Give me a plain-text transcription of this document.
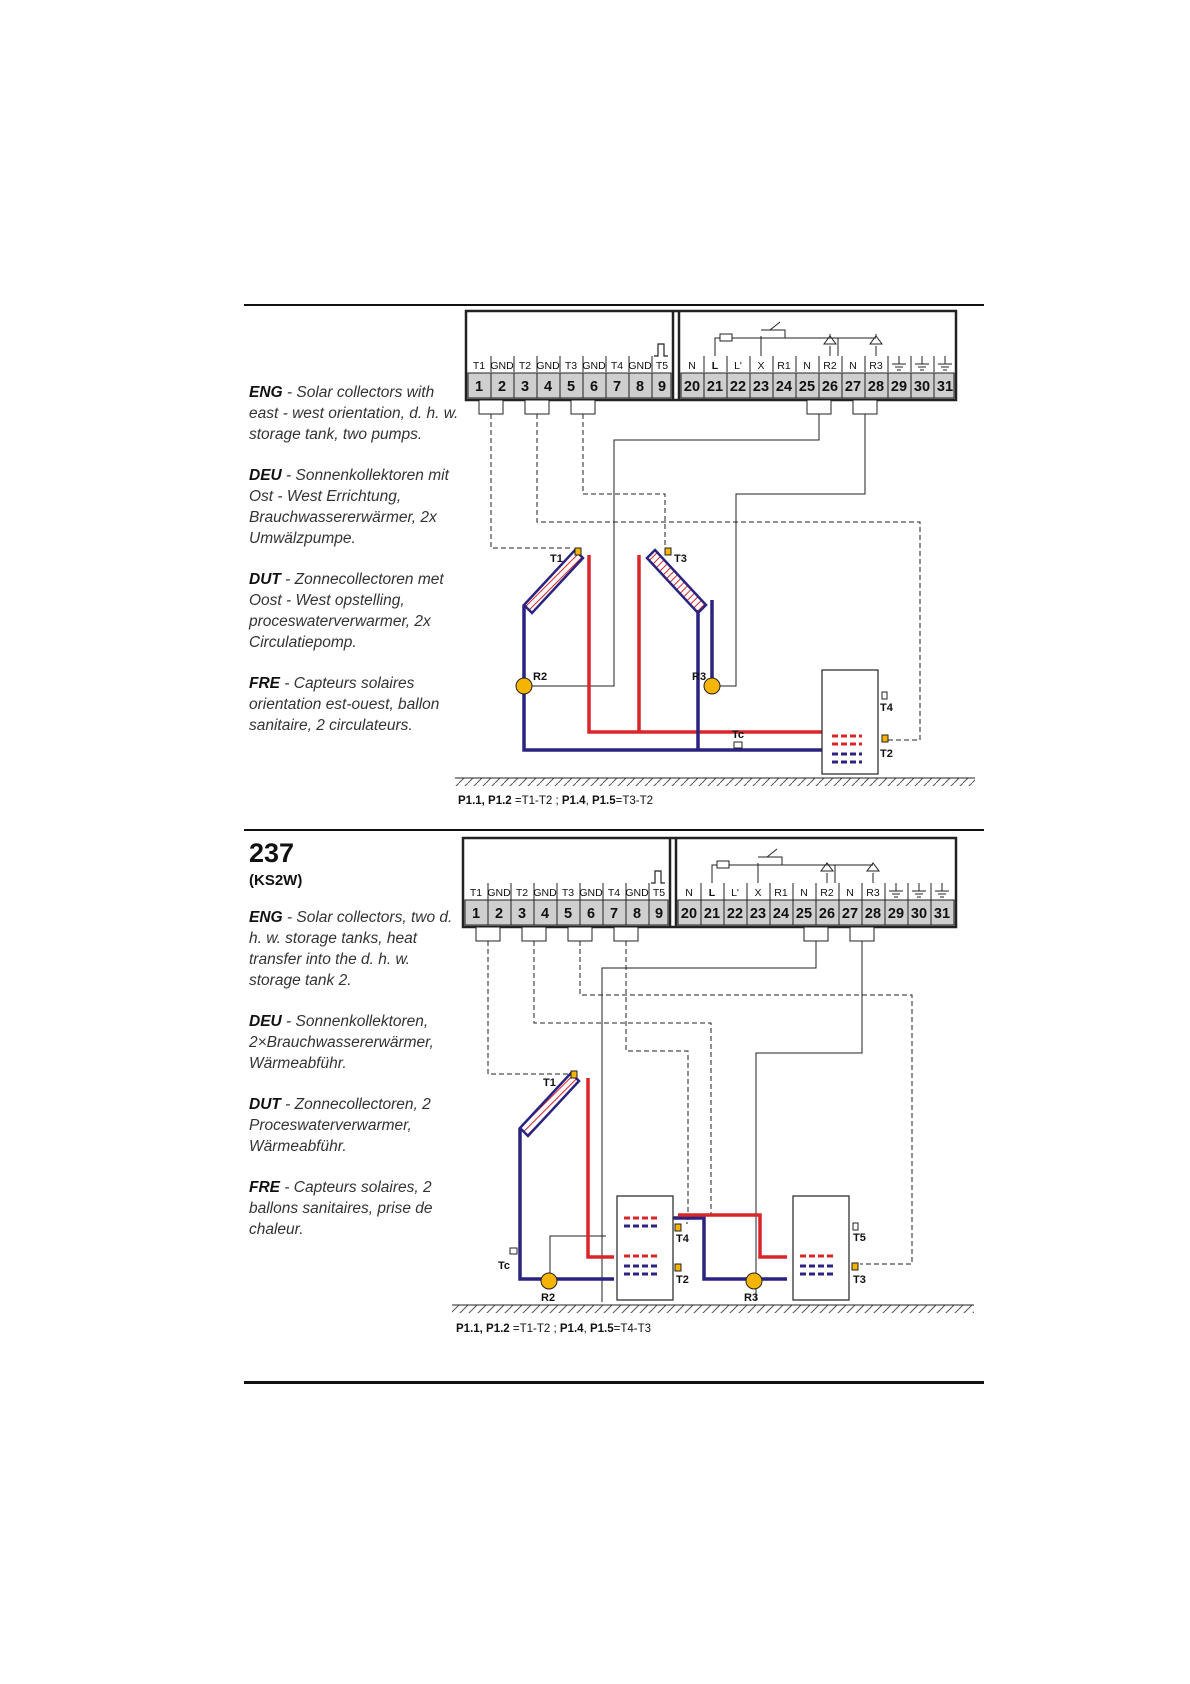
ENG - Solar collectors with east - west orientation, d. h. w. storage tank, two pumps.

DEU - Sonnenkollektoren mit Ost - West Errichtung, Brauchwassererwärmer, 2x Umwälzpumpe.

DUT - Zonnecollectoren met Oost - West opstelling, proceswaterverwarmer, 2x Circulatiepomp.

FRE - Capteurs solaires orientation est-ouest, ballon sanitaire, 2 circulateurs.

237
(KS2W)

ENG - Solar collectors, two d. h. w. storage tanks, heat transfer into the d. h. w. storage tank 2.

DEU - Sonnenkollektoren, 2×Brauchwassererwärmer, Wärmeabführ.

DUT - Zonnecollectoren, 2 Proceswaterverwarmer, Wärmeabführ.

FRE - Capteurs solaires, 2 ballons sanitaires, prise de chaleur.

T1 GND T2 GND T3 GND T4 GND T5 N L L' X R1 N R2 N R3
1 2 3 4 5 6 7 8 9 20 21 22 23 24 25 26 27 28 29 30 31
T1	T3
R2	R3
T4
T2
Tc
P1.1, P1.2 =T1-T2 ; P1.4, P1.5=T3-T2
T1 GND T2 GND T3 GND T4 GND T5 N L L' X R1 N R2 N R3
1 2 3 4 5 6 7 8 9 20 21 22 23 24 25 26 27 28 29 30 31
T1
Tc
R2	R3
T4
T2
T5
T3
P1.1, P1.2 =T1-T2 ; P1.4, P1.5=T4-T3
